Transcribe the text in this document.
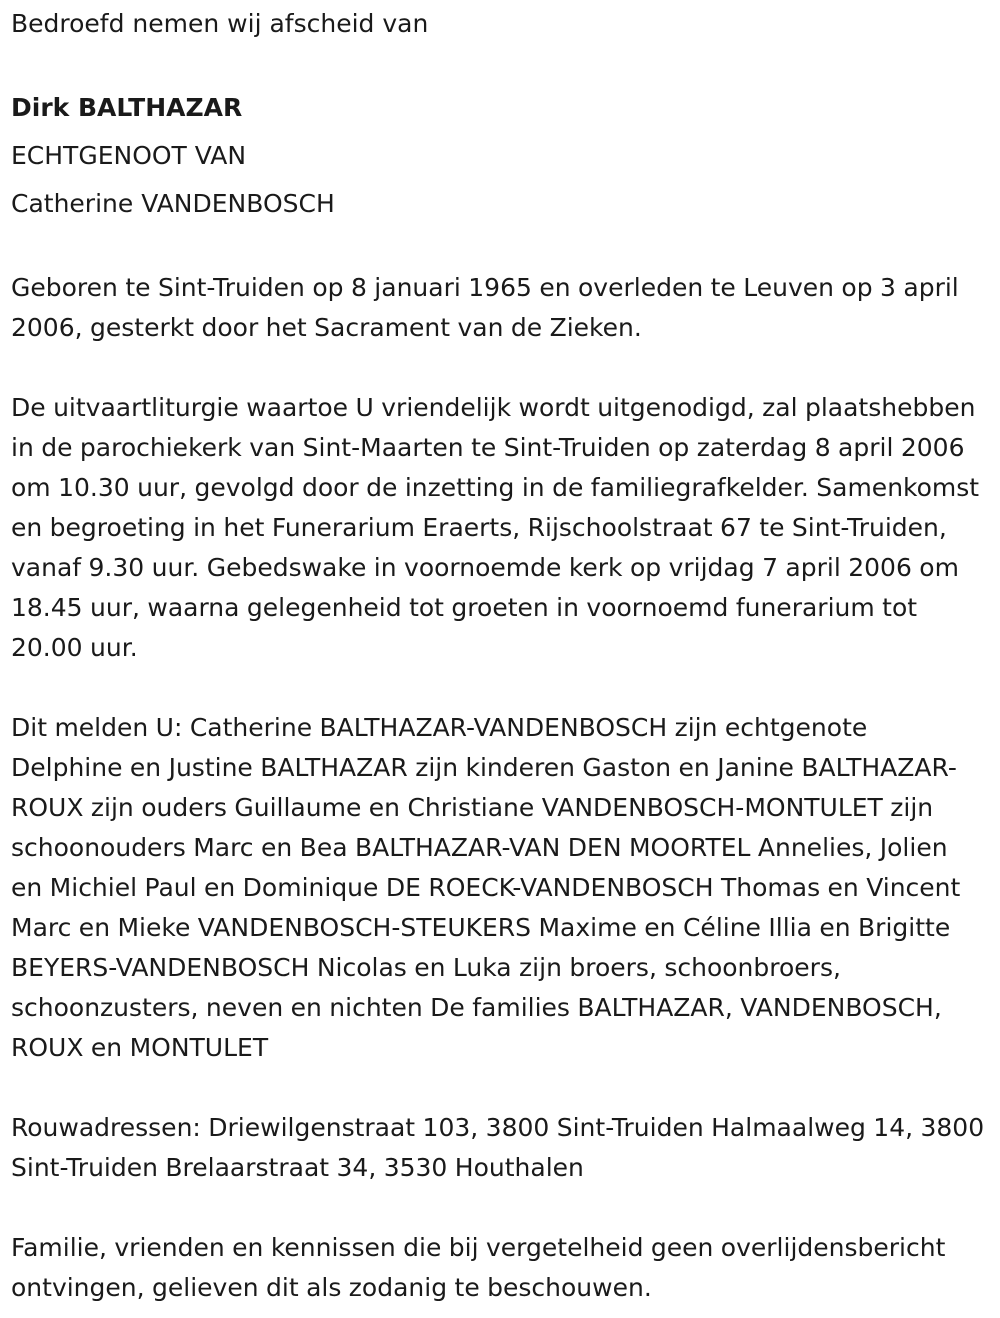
Bedroefd nemen wij afscheid van

Dirk BALTHAZAR

ECHTGENOOT VAN

Catherine VANDENBOSCH

Geboren te Sint-Truiden op 8 januari 1965 en overleden te Leuven op 3 april 2006, gesterkt door het Sacrament van de Zieken.

De uitvaartliturgie waartoe U vriendelijk wordt uitgenodigd, zal plaatshebben in de parochiekerk van Sint-Maarten te Sint-Truiden op zaterdag 8 april 2006 om 10.30 uur, gevolgd door de inzetting in de familiegrafkelder. Samenkomst en begroeting in het Funerarium Eraerts, Rijschoolstraat 67 te Sint-Truiden, vanaf 9.30 uur. Gebedswake in voornoemde kerk op vrijdag 7 april 2006 om 18.45 uur, waarna gelegenheid tot groeten in voornoemd funerarium tot 20.00 uur.

Dit melden U: Catherine BALTHAZAR-VANDENBOSCH zijn echtgenote Delphine en Justine BALTHAZAR zijn kinderen Gaston en Janine BALTHAZAR-ROUX zijn ouders Guillaume en Christiane VANDENBOSCH-MONTULET zijn schoonouders Marc en Bea BALTHAZAR-VAN DEN MOORTEL Annelies, Jolien en Michiel Paul en Dominique DE ROECK-VANDENBOSCH Thomas en Vincent Marc en Mieke VANDENBOSCH-STEUKERS Maxime en Céline Illia en Brigitte BEYERS-VANDENBOSCH Nicolas en Luka zijn broers, schoonbroers, schoonzusters, neven en nichten De families BALTHAZAR, VANDENBOSCH, ROUX en MONTULET

Rouwadressen: Driewilgenstraat 103, 3800 Sint-Truiden Halmaalweg 14, 3800 Sint-Truiden Brelaarstraat 34, 3530 Houthalen

Familie, vrienden en kennissen die bij vergetelheid geen overlijdensbericht ontvingen, gelieven dit als zodanig te beschouwen.
